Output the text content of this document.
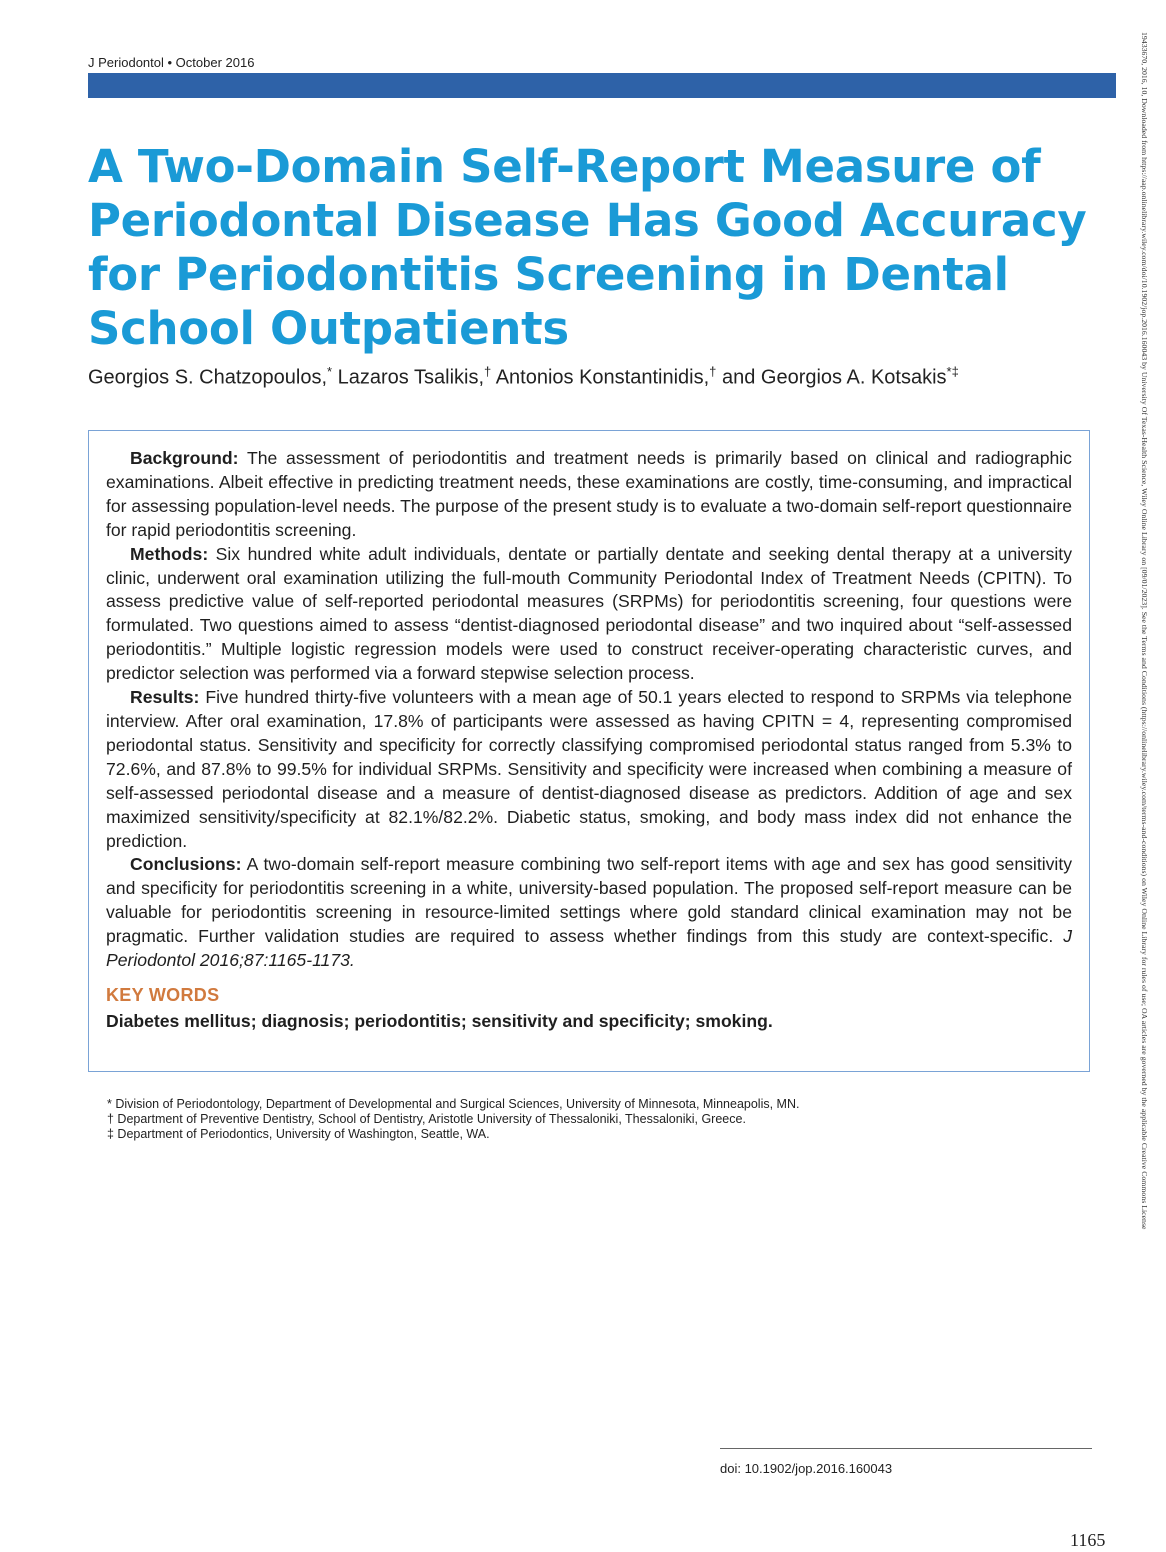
J Periodontol • October 2016
A Two-Domain Self-Report Measure of
Periodontal Disease Has Good Accuracy
for Periodontitis Screening in Dental
School Outpatients
Georgios S. Chatzopoulos,* Lazaros Tsalikis,† Antonios Konstantinidis,† and Georgios A. Kotsakis*‡

Background: The assessment of periodontitis and treatment needs is primarily based on clinical and radiographic examinations. Albeit effective in predicting treatment needs, these examinations are costly, time-consuming, and impractical for assessing population-level needs. The purpose of the present study is to evaluate a two-domain self-report questionnaire for rapid periodontitis screening.

Methods: Six hundred white adult individuals, dentate or partially dentate and seeking dental therapy at a university clinic, underwent oral examination utilizing the full-mouth Community Periodontal Index of Treatment Needs (CPITN). To assess predictive value of self-reported periodontal measures (SRPMs) for periodontitis screening, four questions were formulated. Two questions aimed to assess “dentist-diagnosed periodontal disease” and two inquired about “self-assessed periodontitis.” Multiple logistic regression models were used to construct receiver-operating characteristic curves, and predictor selection was performed via a forward stepwise selection process.

Results: Five hundred thirty-five volunteers with a mean age of 50.1 years elected to respond to SRPMs via telephone interview. After oral examination, 17.8% of participants were assessed as having CPITN = 4, representing compromised periodontal status. Sensitivity and specificity for correctly classifying compromised periodontal status ranged from 5.3% to 72.6%, and 87.8% to 99.5% for individual SRPMs. Sensitivity and specificity were increased when combining a measure of self-assessed periodontal disease and a measure of dentist-diagnosed disease as predictors. Addition of age and sex maximized sensitivity/specificity at 82.1%/82.2%. Diabetic status, smoking, and body mass index did not enhance the prediction.

Conclusions: A two-domain self-report measure combining two self-report items with age and sex has good sensitivity and specificity for periodontitis screening in a white, university-based population. The proposed self-report measure can be valuable for periodontitis screening in resource-limited settings where gold standard clinical examination may not be pragmatic. Further validation studies are required to assess whether findings from this study are context-specific. J Periodontol 2016;87:1165-1173.

KEY WORDS
Diabetes mellitus; diagnosis; periodontitis; sensitivity and specificity; smoking.
* Division of Periodontology, Department of Developmental and Surgical Sciences, University of Minnesota, Minneapolis, MN.
† Department of Preventive Dentistry, School of Dentistry, Aristotle University of Thessaloniki, Thessaloniki, Greece.
‡ Department of Periodontics, University of Washington, Seattle, WA.
doi: 10.1902/jop.2016.160043
1165
19433670, 2016, 10, Downloaded from https://aap.onlinelibrary.wiley.com/doi/10.1902/jop.2016.160043 by University Of Texas-Health Science, Wiley Online Library on [09/01/2023]. See the Terms and Conditions (https://onlinelibrary.wiley.com/terms-and-conditions) on Wiley Online Library for rules of use; OA articles are governed by the applicable Creative Commons License
